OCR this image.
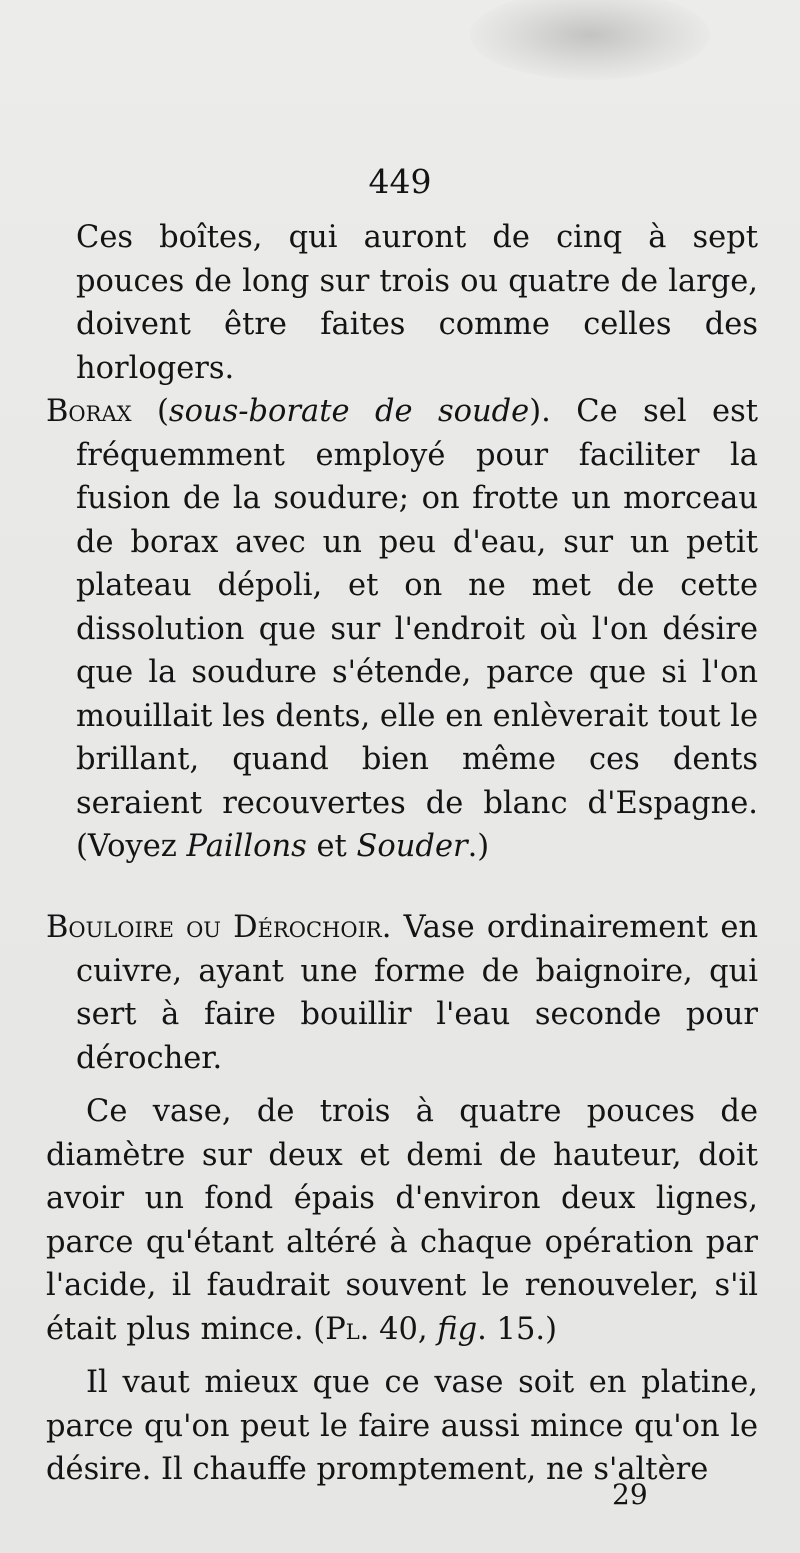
449

Ces boîtes, qui auront de cinq à sept pouces de long sur trois ou quatre de large, doivent être faites comme celles des horlogers.

Borax (sous-borate de soude). Ce sel est fréquemment employé pour faciliter la fusion de la soudure; on frotte un morceau de borax avec un peu d'eau, sur un petit plateau dépoli, et on ne met de cette dissolution que sur l'endroit où l'on désire que la soudure s'étende, parce que si l'on mouillait les dents, elle en enlèverait tout le brillant, quand bien même ces dents seraient recouvertes de blanc d'Espagne. (Voyez Paillons et Souder.)

Bouloire ou Dérochoir. Vase ordinairement en cuivre, ayant une forme de baignoire, qui sert à faire bouillir l'eau seconde pour dérocher.

Ce vase, de trois à quatre pouces de diamètre sur deux et demi de hauteur, doit avoir un fond épais d'environ deux lignes, parce qu'étant altéré à chaque opération par l'acide, il faudrait souvent le renouveler, s'il était plus mince. (Pl. 40, fig. 15.)

Il vaut mieux que ce vase soit en platine, parce qu'on peut le faire aussi mince qu'on le désire. Il chauffe promptement, ne s'altère

29
